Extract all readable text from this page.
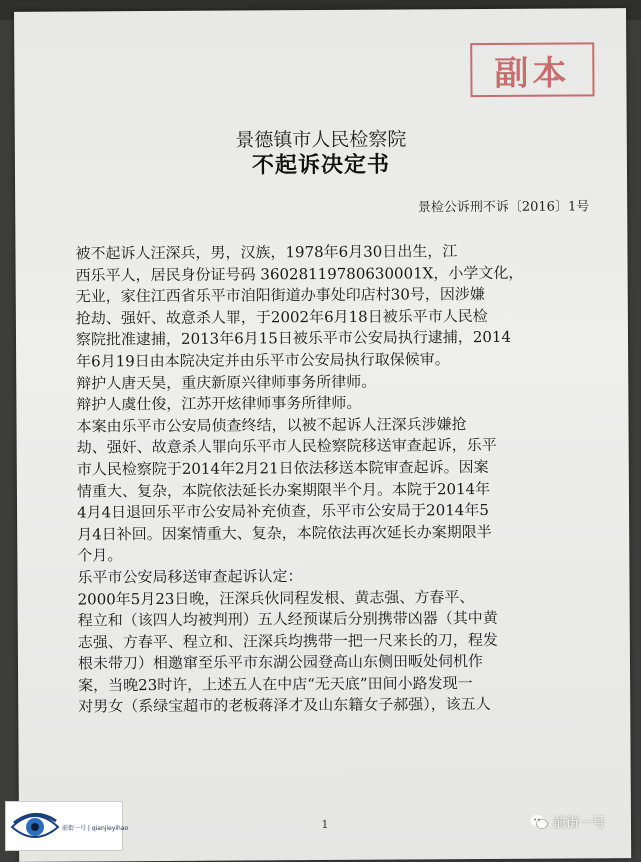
副本
景德镇市人民检察院
不起诉决定书
景检公诉刑不诉〔2016〕1号
被不起诉人汪深兵，男，汉族，1978年6月30日出生，江
西乐平人，居民身份证号码 36028119780630001X，小学文化，
无业，家住江西省乐平市洎阳街道办事处印店村30号，因涉嫌
抢劫、强奸、故意杀人罪，于2002年6月18日被乐平市人民检
察院批准逮捕，2013年6月15日被乐平市公安局执行逮捕，2014
年6月19日由本院决定并由乐平市公安局执行取保候审。
辩护人唐天昊，重庆新原兴律师事务所律师。
辩护人虞仕俊，江苏开炫律师事务所律师。
本案由乐平市公安局侦查终结，以被不起诉人汪深兵涉嫌抢
劫、强奸、故意杀人罪向乐平市人民检察院移送审查起诉，乐平
市人民检察院于2014年2月21日依法移送本院审查起诉。因案
情重大、复杂，本院依法延长办案期限半个月。本院于2014年
4月4日退回乐平市公安局补充侦查，乐平市公安局于2014年5
月4日补回。因案情重大、复杂，本院依法再次延长办案期限半
个月。
乐平市公安局移送审查起诉认定：
2000年5月23日晚，汪深兵伙同程发根、黄志强、方春平、
程立和（该四人均被判刑）五人经预谋后分别携带凶器（其中黄
志强、方春平、程立和、汪深兵均携带一把一尺来长的刀，程发
根未带刀）相邀窜至乐平市东湖公园登高山东侧田畈处伺机作
案，当晚23时许，上述五人在中店“无天底”田间小路发现一
对男女（系绿宝超市的老板蒋泽才及山东籍女子郝强），该五人
1
前街一号 | qianjieyihao	前街一号
